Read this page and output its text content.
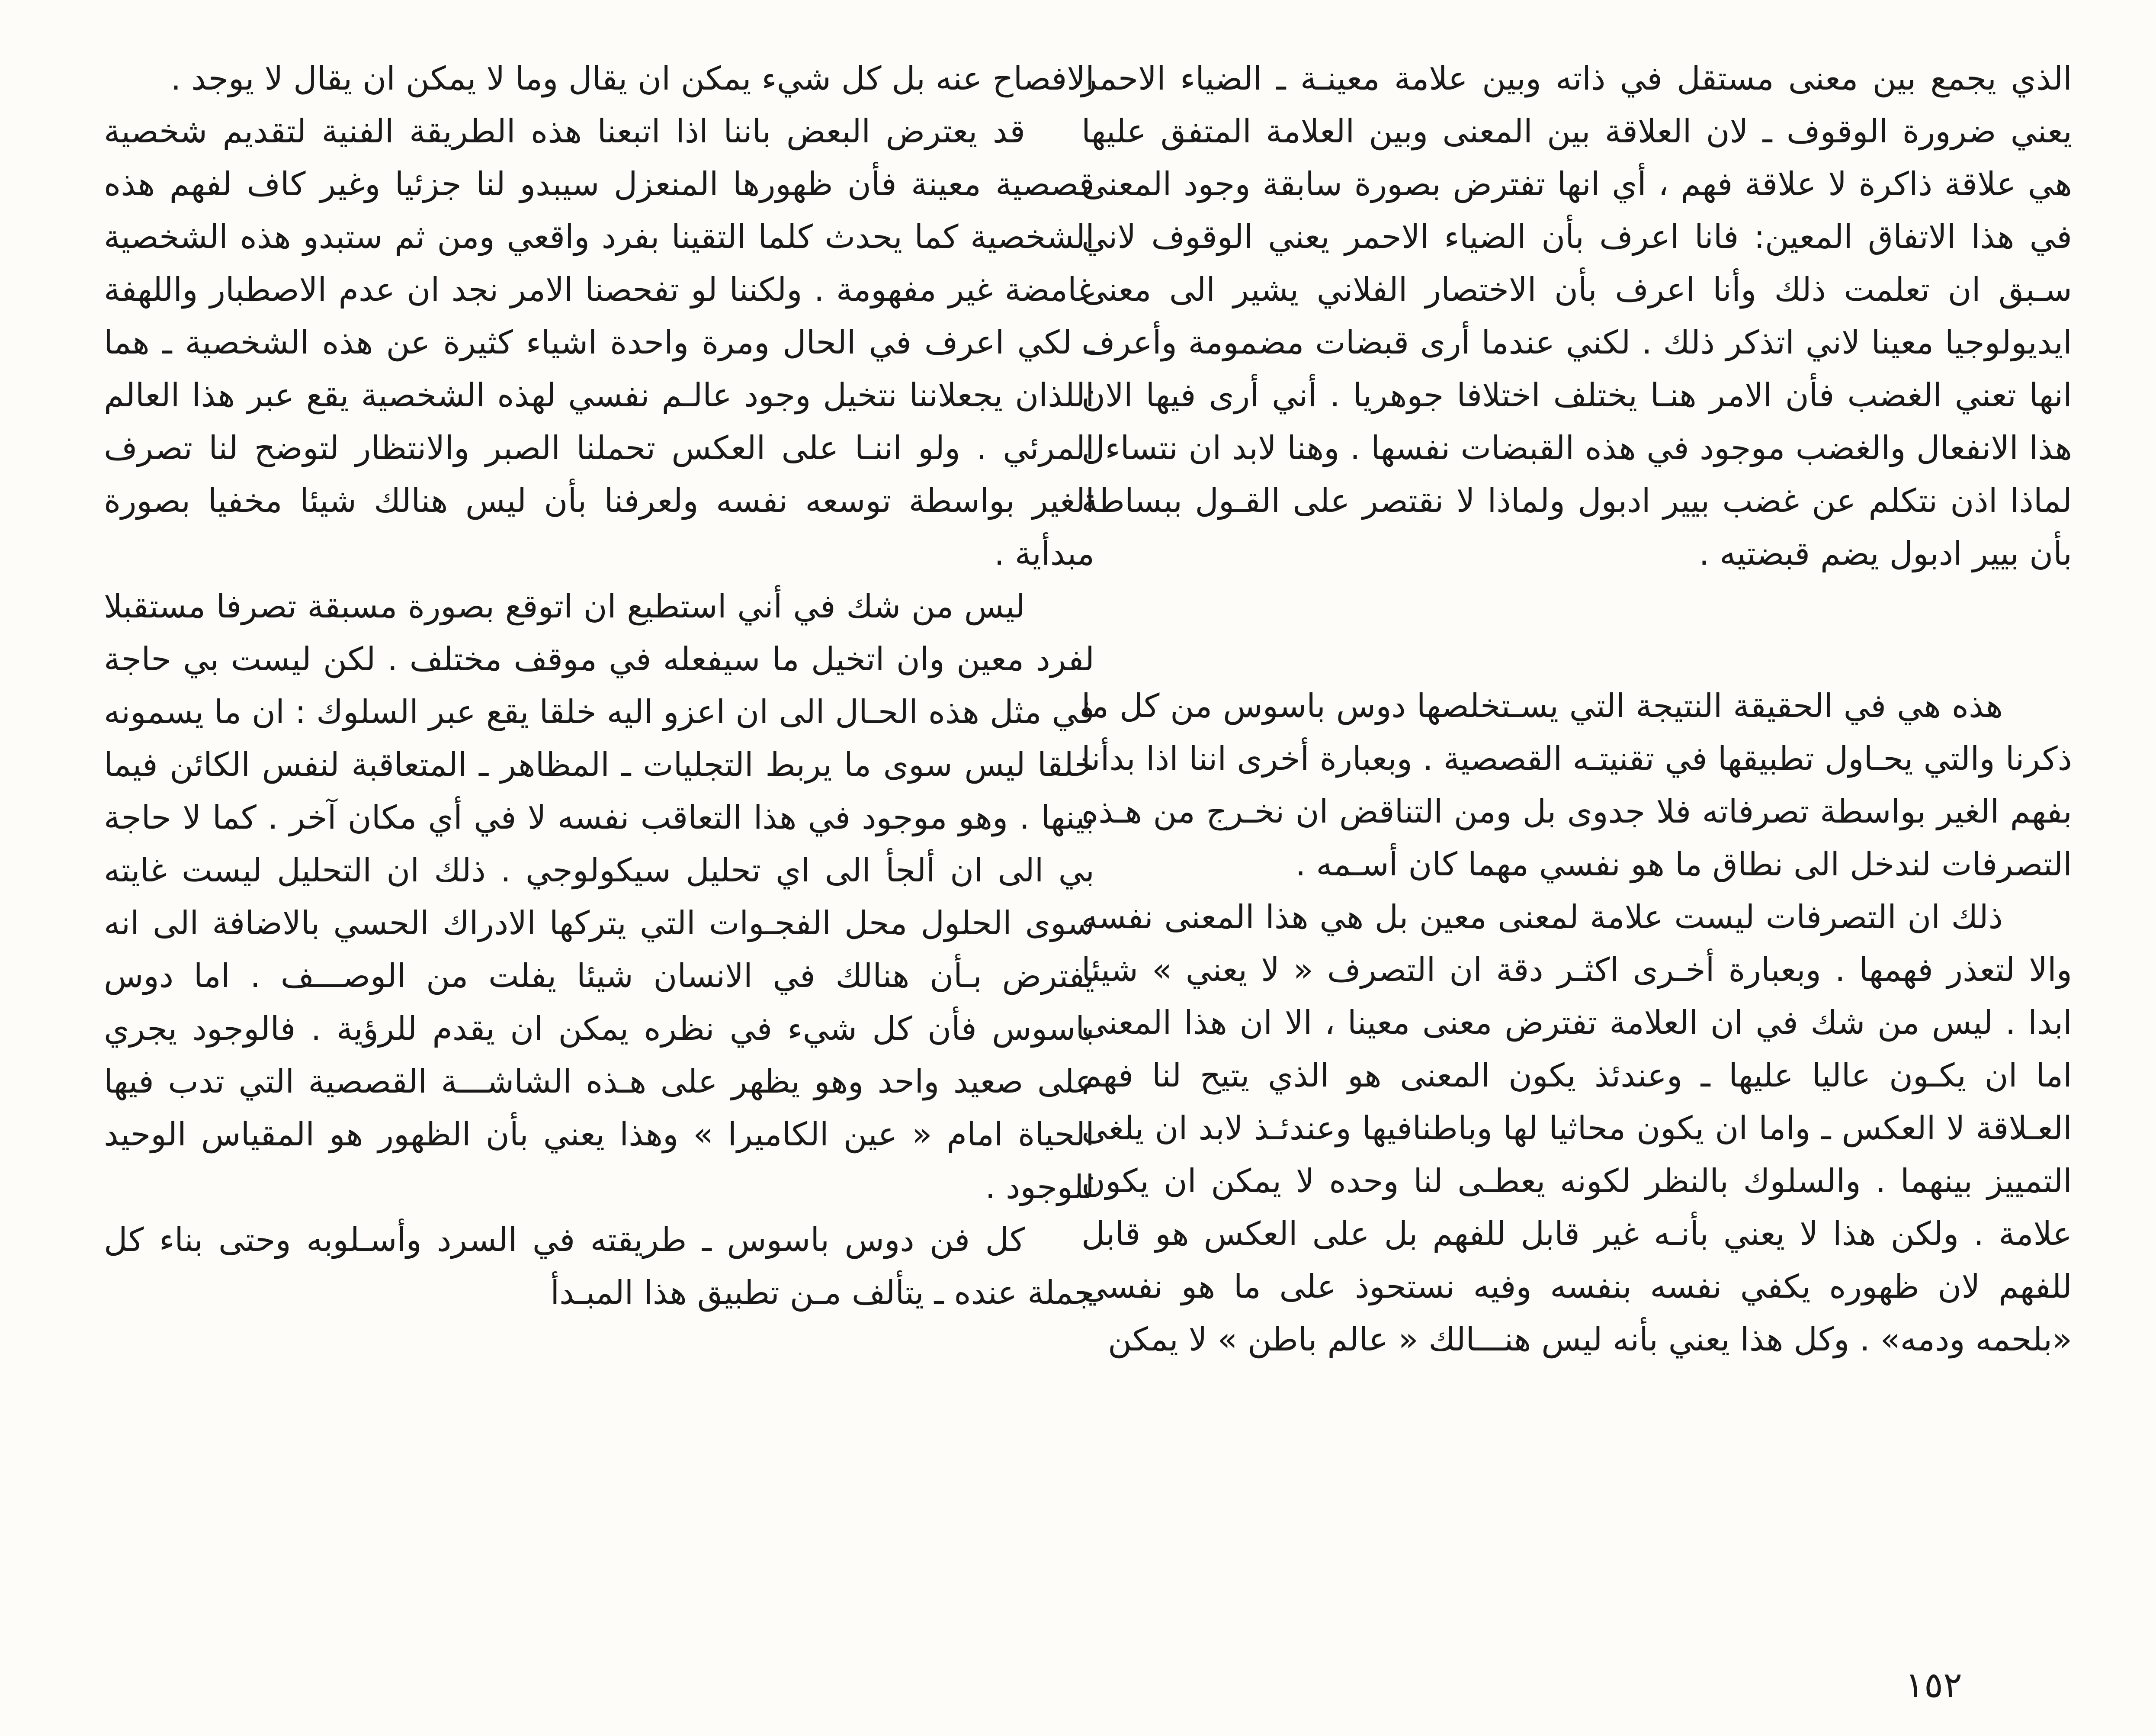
الذي يجمع بين معنى مستقل في ذاته وبين علامة معينـة ـ الضياء الاحمر يعني ضرورة الوقوف ـ لان العلاقة بين المعنى وبين العلامة المتفق عليها هي علاقة ذاكرة لا علاقة فهم ، أي انها تفترض بصورة سابقة وجود المعنى في هذا الاتفاق المعين: فانا اعرف بأن الضياء الاحمر يعني الوقوف لاني سـبق ان تعلمت ذلك وأنا اعرف بأن الاختصار الفلاني يشير الى معنى ايديولوجيا معينا لاني اتذكر ذلك . لكني عندما أرى قبضات مضمومة وأعرف انها تعني الغضب فأن الامر هنـا يختلف اختلافا جوهريا . أني أرى فيها الان هذا الانفعال والغضب موجود في هذه القبضات نفسها . وهنا لابد ان نتساءل لماذا اذن نتكلم عن غضب بيير ادبول ولماذا لا نقتصر على القـول ببساطة بأن بيير ادبول يضم قبضتيه .

هذه هي في الحقيقة النتيجة التي يسـتخلصها دوس باسوس من كل ما ذكرنا والتي يحـاول تطبيقها في تقنيتـه القصصية . وبعبارة أخرى اننا اذا بدأنا بفهم الغير بواسطة تصرفاته فلا جدوى بل ومن التناقض ان نخـرج من هـذه التصرفات لندخل الى نطاق ما هو نفسي مهما كان أسـمه .

ذلك ان التصرفات ليست علامة لمعنى معين بل هي هذا المعنى نفسه والا لتعذر فهمها . وبعبارة أخـرى اكثـر دقة ان التصرف « لا يعني » شيئا ابدا . ليس من شك في ان العلامة تفترض معنى معينا ، الا ان هذا المعنى اما ان يكـون عاليا عليها ـ وعندئذ يكون المعنى هو الذي يتيح لنا فهم العـلاقة لا العكس ـ واما ان يكون محاثيا لها وباطنافيها وعندئـذ لابد ان يلغى التمييز بينهما . والسلوك بالنظر لكونه يعطـى لنا وحده لا يمكن ان يكون علامة . ولكن هذا لا يعني بأنـه غير قابل للفهم بل على العكس هو قابل للفهم لان ظهوره يكفي نفسه بنفسه وفيه نستحوذ على ما هو نفسي «بلحمه ودمه» . وكل هذا يعني بأنه ليس هنـــالك « عالم باطن » لا يمكن

الافصاح عنه بل كل شيء يمكن ان يقال وما لا يمكن ان يقال لا يوجد .

قد يعترض البعض باننا اذا اتبعنا هذه الطريقة الفنية لتقديم شخصية قصصية معينة فأن ظهورها المنعزل سيبدو لنا جزئيا وغير كاف لفهم هذه الشخصية كما يحدث كلما التقينا بفرد واقعي ومن ثم ستبدو هذه الشخصية غامضة غير مفهومة . ولكننا لو تفحصنا الامر نجد ان عدم الاصطبار واللهفة ـ لكي اعرف في الحال ومرة واحدة اشياء كثيرة عن هذه الشخصية ـ هما اللذان يجعلاننا نتخيل وجود عالـم نفسي لهذه الشخصية يقع عبر هذا العالم المرئي . ولو اننـا على العكس تحملنا الصبر والانتظار لتوضح لنا تصرف الغير بواسطة توسعه نفسه ولعرفنا بأن ليس هنالك شيئا مخفيا بصورة مبدأية .

ليس من شك في أني استطيع ان اتوقع بصورة مسبقة تصرفا مستقبلا لفرد معين وان اتخيل ما سيفعله في موقف مختلف . لكن ليست بي حاجة في مثل هذه الحـال الى ان اعزو اليه خلقا يقع عبر السلوك : ان ما يسمونه خلقا ليس سوى ما يربط التجليات ـ المظاهر ـ المتعاقبة لنفس الكائن فيما بينها . وهو موجود في هذا التعاقب نفسه لا في أي مكان آخر . كما لا حاجة بي الى ان ألجأ الى اي تحليل سيكولوجي . ذلك ان التحليل ليست غايته سوى الحلول محل الفجـوات التي يتركها الادراك الحسي بالاضافة الى انه يفترض بـأن هنالك في الانسان شيئا يفلت من الوصـــف . اما دوس باسوس فأن كل شيء في نظره يمكن ان يقدم للرؤية . فالوجود يجري على صعيد واحد وهو يظهر على هـذه الشاشـــة القصصية التي تدب فيها الحياة امام « عين الكاميرا » وهذا يعني بأن الظهور هو المقياس الوحيد للوجود .

كل فن دوس باسوس ـ طريقته في السرد وأسـلوبه وحتى بناء كل جملة عنده ـ يتألف مـن تطبيق هذا المبـدأ

١٥٢
